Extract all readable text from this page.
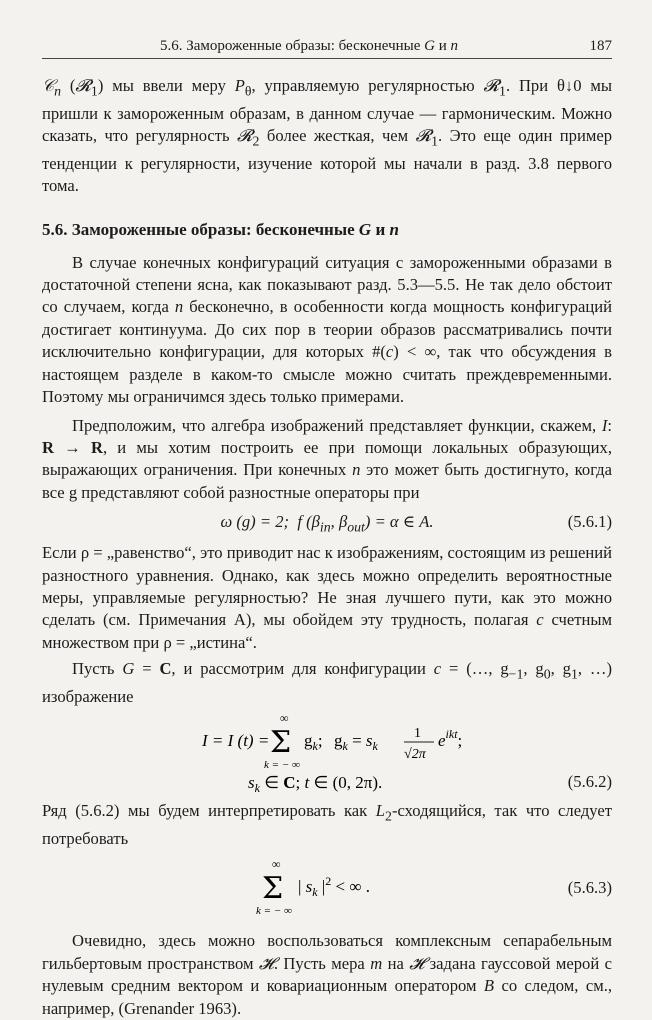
5.6. Замороженные образы: бесконечные G и n	187

𝒞$_n$ (𝓡$_1$) мы ввели меру $P_\theta$, управляемую регулярностью 𝓡$_1$. При θ↓0 мы пришли к замороженным образам, в данном случае — гармоническим. Можно сказать, что регулярность 𝓡$_2$ более жесткая, чем 𝓡$_1$. Это еще один пример тенденции к регулярности, изучение которой мы начали в разд. 3.8 первого тома.

5.6. Замороженные образы: бесконечные G и n

В случае конечных конфигураций ситуация с замороженными образами в достаточной степени ясна, как показывают разд. 5.3—5.5. Не так дело обстоит со случаем, когда n бесконечно, в особенности когда мощность конфигураций достигает континуума. До сих пор в теории образов рассматривались почти исключительно конфигурации, для которых #(c) < ∞, так что обсуждения в настоящем разделе в каком-то смысле можно считать преждевременными. Поэтому мы ограничимся здесь только примерами.

Предположим, что алгебра изображений представляет функции, скажем, I: R → R, и мы хотим построить ее при помощи локальных образующих, выражающих ограничения. При конечных n это может быть достигнуто, когда все g представляют собой разностные операторы при

ω (g) = 2;  f ($\beta_{in}$, $\beta_{out}) = \alpha$ ∈ A.	(5.6.1)

Если ρ = „равенство“, это приводит нас к изображениям, состоящим из решений разностного уравнения. Однако, как здесь можно определить вероятностные меры, управляемые регулярностью? Не зная лучшего пути, как это можно сделать (см. Примечания A), мы обойдем эту трудность, полагая c счетным множеством при ρ = „истина“.

Пусть G = C, и рассмотрим для конфигурации c = (…, $g_{-1}$, $g_0$, $g_1$, …) изображение

I = I (t) =
∞
Σ
k = − ∞
$g_k$; $g_k = s_k$
1
√2π
$e^{ikt}$;
$s_k$ ∈ C; t ∈ (0, 2π).	(5.6.2)

Ряд (5.6.2) мы будем интерпретировать как $L_2$-сходящийся, так что следует потребовать

∞
Σ
k = − ∞
| $s_k$ $|^2$ < ∞ .	(5.6.3)

Очевидно, здесь можно воспользоваться комплексным сепарабельным гильбертовым пространством 𝓗. Пусть мера m на 𝓗 задана гауссовой мерой с нулевым средним вектором и ковариационным оператором B со следом, см., например, (Grenander 1963).
